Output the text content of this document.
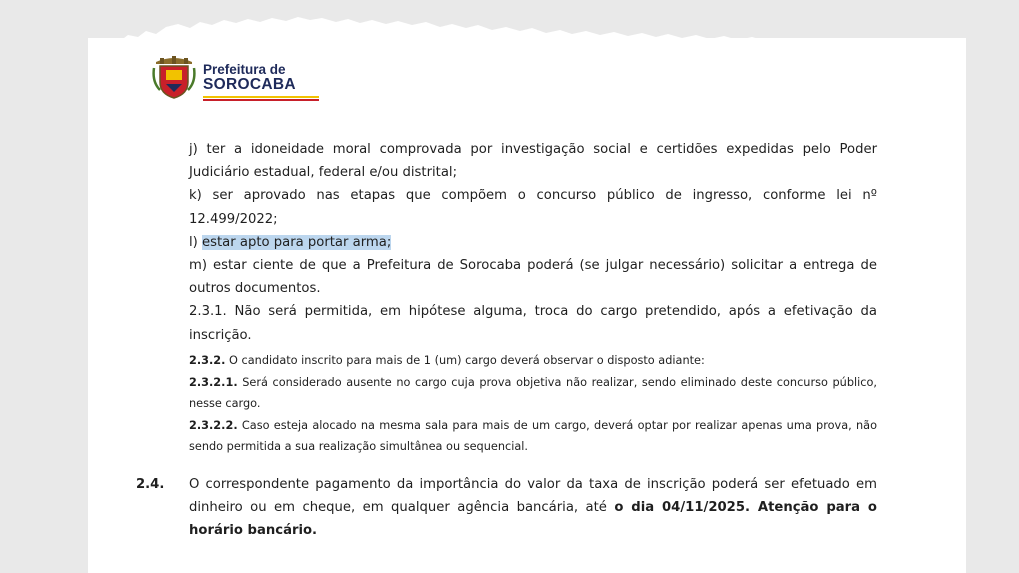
Prefeitura de
SOROCABA

j) ter a idoneidade moral comprovada por investigação social e certidões expedidas pelo Poder Judiciário estadual, federal e/ou distrital;

k) ser aprovado nas etapas que compõem o concurso público de ingresso, conforme lei nº 12.499/2022;

l) estar apto para portar arma;

m) estar ciente de que a Prefeitura de Sorocaba poderá (se julgar necessário) solicitar a entrega de outros documentos.

2.3.1. Não será permitida, em hipótese alguma, troca do cargo pretendido, após a efetivação da inscrição.

2.3.2. O candidato inscrito para mais de 1 (um) cargo deverá observar o disposto adiante:

2.3.2.1. Será considerado ausente no cargo cuja prova objetiva não realizar, sendo eliminado deste concurso público, nesse cargo.

2.3.2.2. Caso esteja alocado na mesma sala para mais de um cargo, deverá optar por realizar apenas uma prova, não sendo permitida a sua realização simultânea ou sequencial.

2.4. O correspondente pagamento da importância do valor da taxa de inscrição poderá ser efetuado em dinheiro ou em cheque, em qualquer agência bancária, até o dia 04/11/2025. Atenção para o horário bancário.
